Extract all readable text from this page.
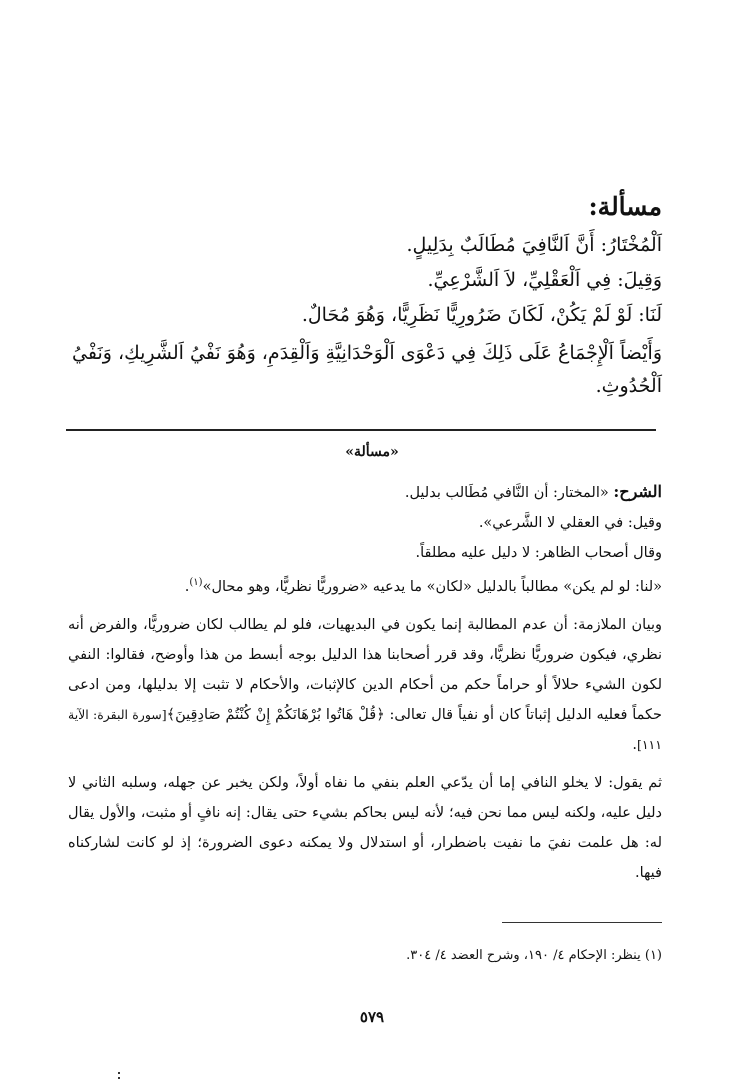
مسألة:

اَلْمُخْتَارُ: أَنَّ اَلنَّافِيَ مُطَالَبٌ بِدَلِيلٍ.

وَقِيلَ: فِي اَلْعَقْلِيِّ، لاَ اَلشَّرْعِيِّ.

لَنَا: لَوْ لَمْ يَكُنْ، لَكَانَ ضَرُورِيًّا نَظَرِيًّا، وَهُوَ مُحَالٌ.

وَأَيْضاً اَلْإِجْمَاعُ عَلَى ذَلِكَ فِي دَعْوَى اَلْوَحْدَانِيَّةِ وَاَلْقِدَمِ، وَهُوَ نَفْيُ اَلشَّرِيكِ، وَنَفْيُ اَلْحُدُوثِ.

«مسألة»

الشرح: «المختار: أن النَّافي مُطَالب بدليل.

وقيل: في العقلي لا الشَّرعي».

وقال أصحاب الظاهر: لا دليل عليه مطلقاً.

«لنا: لو لم يكن» مطالباً بالدليل «لكان» ما يدعيه «ضروريًّا نظريًّا، وهو محال»$^{(١)}$.

وبيان الملازمة: أن عدم المطالبة إنما يكون في البديهيات، فلو لم يطالب لكان ضروريًّا، والفرض أنه نظري، فيكون ضروريًّا نظريًّا، وقد قرر أصحابنا هذا الدليل بوجه أبسط من هذا وأوضح، فقالوا: النفي لكون الشيء حلالاً أو حراماً حكم من أحكام الدين كالإثبات، والأحكام لا تثبت إلا بدليلها، ومن ادعى حكماً فعليه الدليل إثباتاً كان أو نفياً قال تعالى: ﴿قُلْ هَاتُوا بُرْهَانَكُمْ إِنْ كُنْتُمْ صَادِقِينَ﴾[سورة البقرة: الآية ١١١].

ثم يقول: لا يخلو النافي إما أن يدّعي العلم بنفي ما نفاه أولاً، ولكن يخبر عن جهله، وسلبه الثاني لا دليل عليه، ولكنه ليس مما نحن فيه؛ لأنه ليس بحاكم بشيء حتى يقال: إنه نافٍ أو مثبت، والأول يقال له: هل علمت نفيَ ما نفيت باضطرار، أو استدلال ولا يمكنه دعوى الضرورة؛ إذ لو كانت لشاركناه فيها.

(١) ينظر: الإحكام ٤/ ١٩٠، وشرح العضد ٤/ ٣٠٤.
٥٧٩
